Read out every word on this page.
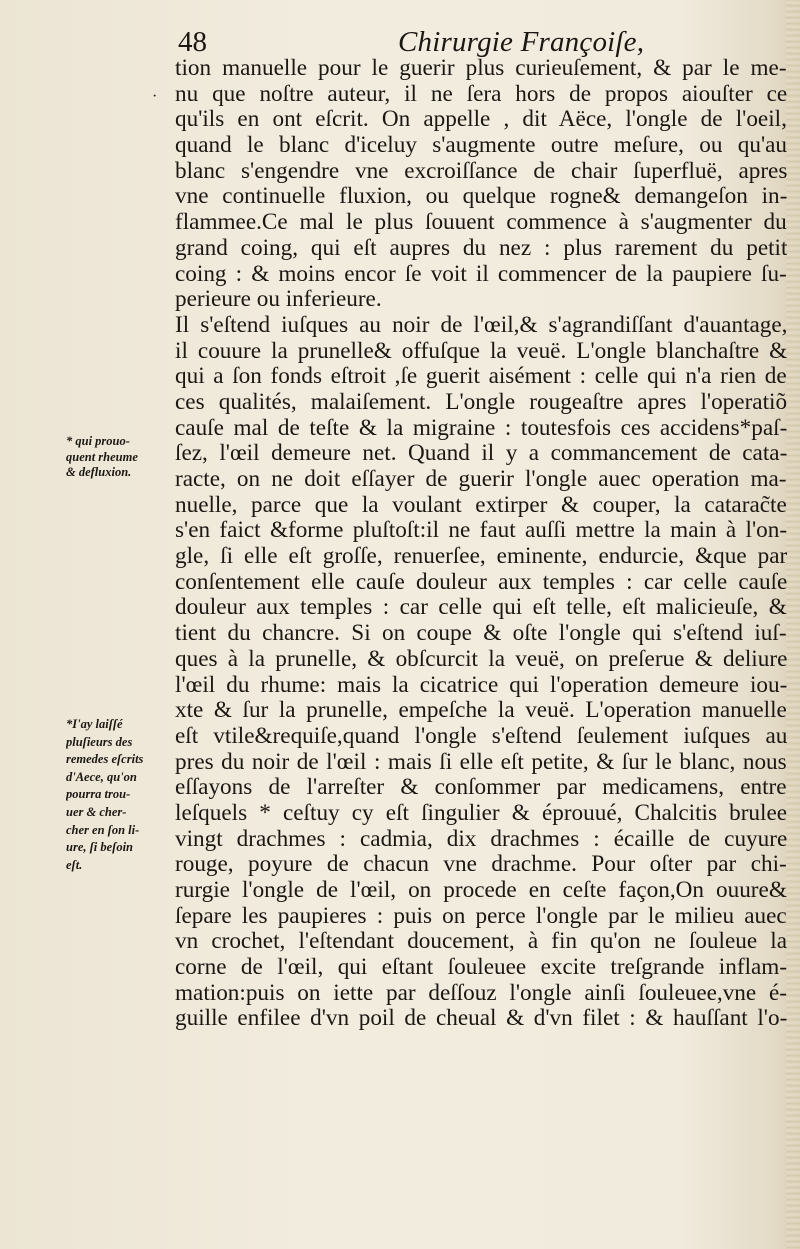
48	Chirurgie Françoiſe,
·
tion manuelle pour le guerir plus curieuſement, & par le me-
nu que noſtre auteur, il ne ſera hors de propos aiouſter ce
qu'ils en ont eſcrit. On appelle , dit Aëce, l'ongle de l'oeil,
quand le blanc d'iceluy s'augmente outre meſure, ou qu'au
blanc s'engendre vne excroiſſance de chair ſuperfluë, apres
vne continuelle fluxion, ou quelque rogne& demangeſon in-
flammee.Ce mal le plus ſouuent commence à s'augmenter du
grand coing, qui eſt aupres du nez : plus rarement du petit
coing : & moins encor ſe voit il commencer de la paupiere ſu-
perieure ou inferieure.
Il s'eſtend iuſques au noir de l'œil,& s'agrandiſſant d'auantage,
il couure la prunelle& offuſque la veuë. L'ongle blanchaſtre &
qui a ſon fonds eſtroit ,ſe guerit aisément : celle qui n'a rien de
ces qualités, malaiſement. L'ongle rougeaſtre apres l'operatiõ
cauſe mal de teſte & la migraine : toutesfois ces accidens*paſ-
ſez, l'œil demeure net. Quand il y a commancement de cata-
racte, on ne doit eſſayer de guerir l'ongle auec operation ma-
nuelle, parce que la voulant extirper & couper, la catarac̃te
s'en faict &forme pluſtoſt:il ne faut auſſi mettre la main à l'on-
gle, ſi elle eſt groſſe, renuerſee, eminente, endurcie, &que par
conſentement elle cauſe douleur aux temples : car celle cauſe
douleur aux temples : car celle qui eſt telle, eſt malicieuſe, &
tient du chancre. Si on coupe & oſte l'ongle qui s'eſtend iuſ-
ques à la prunelle, & obſcurcit la veuë, on preſerue & deliure
l'œil du rhume: mais la cicatrice qui l'operation demeure iou-
xte & ſur la prunelle, empeſche la veuë. L'operation manuelle
eſt vtile&requiſe,quand l'ongle s'eſtend ſeulement iuſques au
pres du noir de l'œil : mais ſi elle eſt petite, & ſur le blanc, nous
eſſayons de l'arreſter & conſommer par medicamens, entre
leſquels * ceſtuy cy eſt ſingulier & éprouué, Chalcitis brulee
vingt drachmes : cadmia, dix drachmes : écaille de cuyure
rouge, poyure de chacun vne drachme. Pour oſter par chi-
rurgie l'ongle de l'œil, on procede en ceſte façon,On ouure&
ſepare les paupieres : puis on perce l'ongle par le milieu auec
vn crochet, l'eſtendant doucement, à fin qu'on ne ſouleue la
corne de l'œil, qui eſtant ſouleuee excite treſgrande inflam-
mation:puis on iette par deſſouz l'ongle ainſi ſouleuee,vne é-
guille enfilee d'vn poil de cheual & d'vn filet : & hauſſant l'o-
* qui prouo-
quent rheume
& defluxion.
*I'ay laiſſé
pluſieurs des
remedes eſcrits
d'Aece, qu'on
pourra trou-
uer & cher-
cher en ſon li-
ure, ſi beſoin
eſt.
